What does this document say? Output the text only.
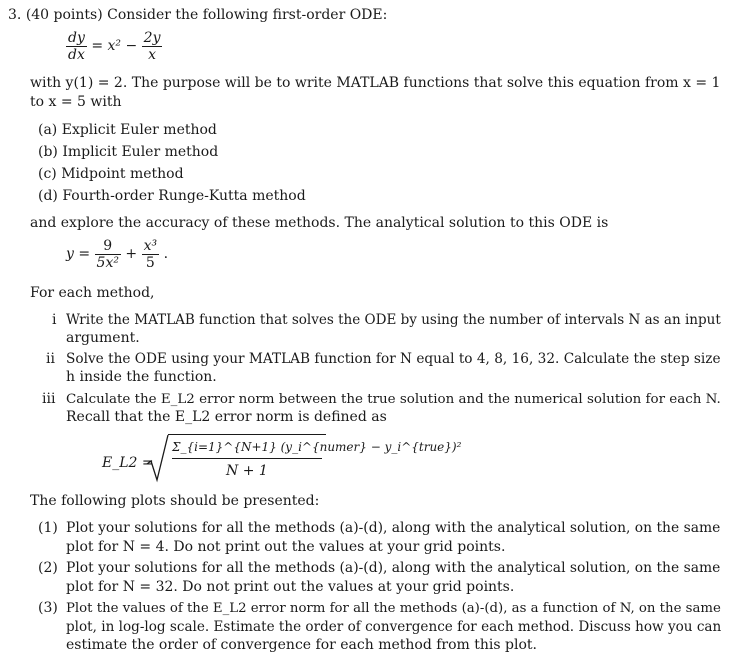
3. (40 points) Consider the following first-order ODE:
$\frac{dy}{dx} = x^2 - \frac{2y}{x}$
with y(1) = 2. The purpose will be to write MATLAB functions that solve this equation from x = 1
to x = 5 with
(a) Explicit Euler method
(b) Implicit Euler method
(c) Midpoint method
(d) Fourth-order Runge-Kutta method
and explore the accuracy of these methods. The analytical solution to this ODE is
$y = \frac{9}{\text{5x²}} + \frac{\text{x³}}{5}$ .
For each method,
i Write the MATLAB function that solves the ODE by using the number of intervals N as an input
argument.
ii Solve the ODE using your MATLAB function for N equal to 4, 8, 16, 32. Calculate the step size
h inside the function.
iii Calculate the E_L2 error norm between the true solution and the numerical solution for each N.
Recall that the E_L2 error norm is defined as
E_L2 =
Σ_{i=1}^{N+1} (y_i^{numer} − y_i^{true})²
N + 1
The following plots should be presented:
(1) Plot your solutions for all the methods (a)-(d), along with the analytical solution, on the same
plot for N = 4. Do not print out the values at your grid points.
(2) Plot your solutions for all the methods (a)-(d), along with the analytical solution, on the same
plot for N = 32. Do not print out the values at your grid points.
(3) Plot the values of the E_L2 error norm for all the methods (a)-(d), as a function of N, on the same
plot, in log-log scale. Estimate the order of convergence for each method. Discuss how you can
estimate the order of convergence for each method from this plot.
